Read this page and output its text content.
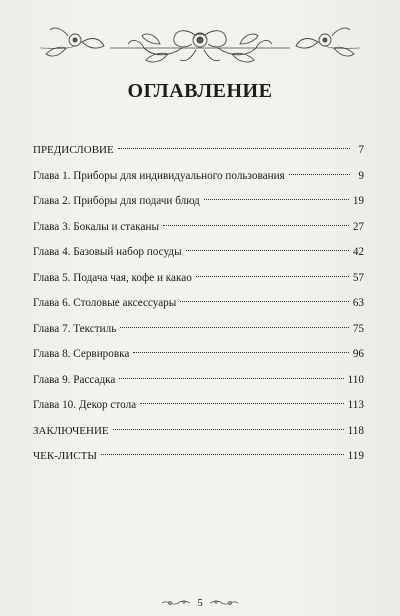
ОГЛАВЛЕНИЕ
ПРЕДИСЛОВИЕ	7
Глава 1. Приборы для индивидуального пользования	9
Глава 2. Приборы для подачи блюд	19
Глава 3. Бокалы и стаканы	27
Глава 4. Базовый набор посуды	42
Глава 5. Подача чая, кофе и какао	57
Глава 6. Столовые аксессуары	63
Глава 7. Текстиль	75
Глава 8. Сервировка	96
Глава 9. Рассадка	110
Глава 10. Декор стола	113
ЗАКЛЮЧЕНИЕ	118
ЧЕК-ЛИСТЫ	119
5
